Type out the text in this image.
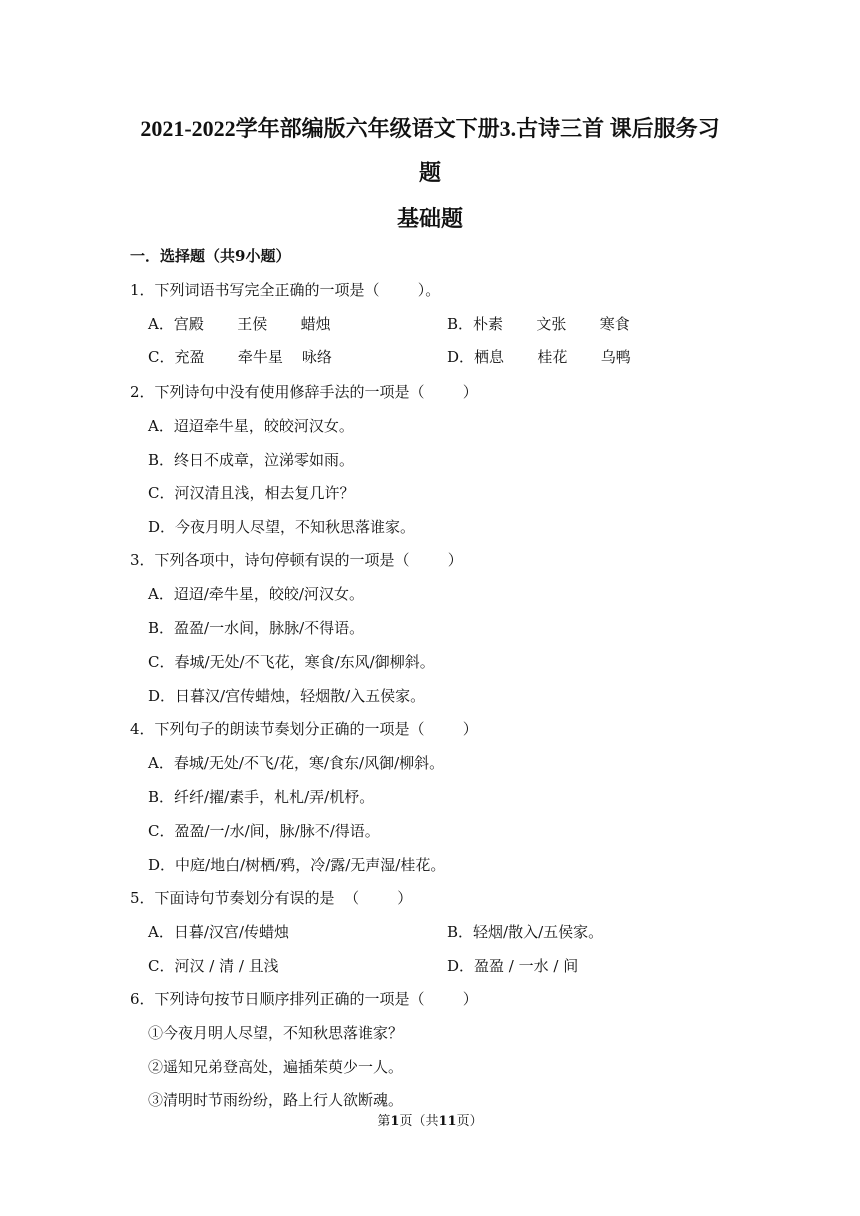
2021-2022学年部编版六年级语文下册3.古诗三首 课后服务习
题
基础题
一．选择题（共9小题）
1．下列词语书写完全正确的一项是（        ）。
A．宫殿       王侯       蜡烛	B．朴素       文张       寒食
C．充盈       牵牛星    咏络	D．栖息       桂花       乌鸭
2．下列诗句中没有使用修辞手法的一项是（        ）
A．迢迢牵牛星，皎皎河汉女。
B．终日不成章，泣涕零如雨。
C．河汉清且浅，相去复几许？
D．今夜月明人尽望，不知秋思落谁家。
3．下列各项中，诗句停顿有误的一项是（        ）
A．迢迢/牵牛星，皎皎/河汉女。
B．盈盈/一水间，脉脉/不得语。
C．春城/无处/不飞花，寒食/东风/御柳斜。
D．日暮汉/宫传蜡烛，轻烟散/入五侯家。
4．下列句子的朗读节奏划分正确的一项是（        ）
A．春城/无处/不飞/花，寒/食东/风御/柳斜。
B．纤纤/擢/素手，札札/弄/机杼。
C．盈盈/一/水/间，脉/脉不/得语。
D．中庭/地白/树栖/鸦，冷/露/无声湿/桂花。
5．下面诗句节奏划分有误的是  （        ）
A．日暮/汉宫/传蜡烛	B．轻烟/散入/五侯家。
C．河汉 / 清 / 且浅	D．盈盈 / 一水 / 间
6．下列诗句按节日顺序排列正确的一项是（        ）
①今夜月明人尽望，不知秋思落谁家？
②遥知兄弟登高处，遍插茱萸少一人。
③清明时节雨纷纷，路上行人欲断魂。
第1页（共11页）
